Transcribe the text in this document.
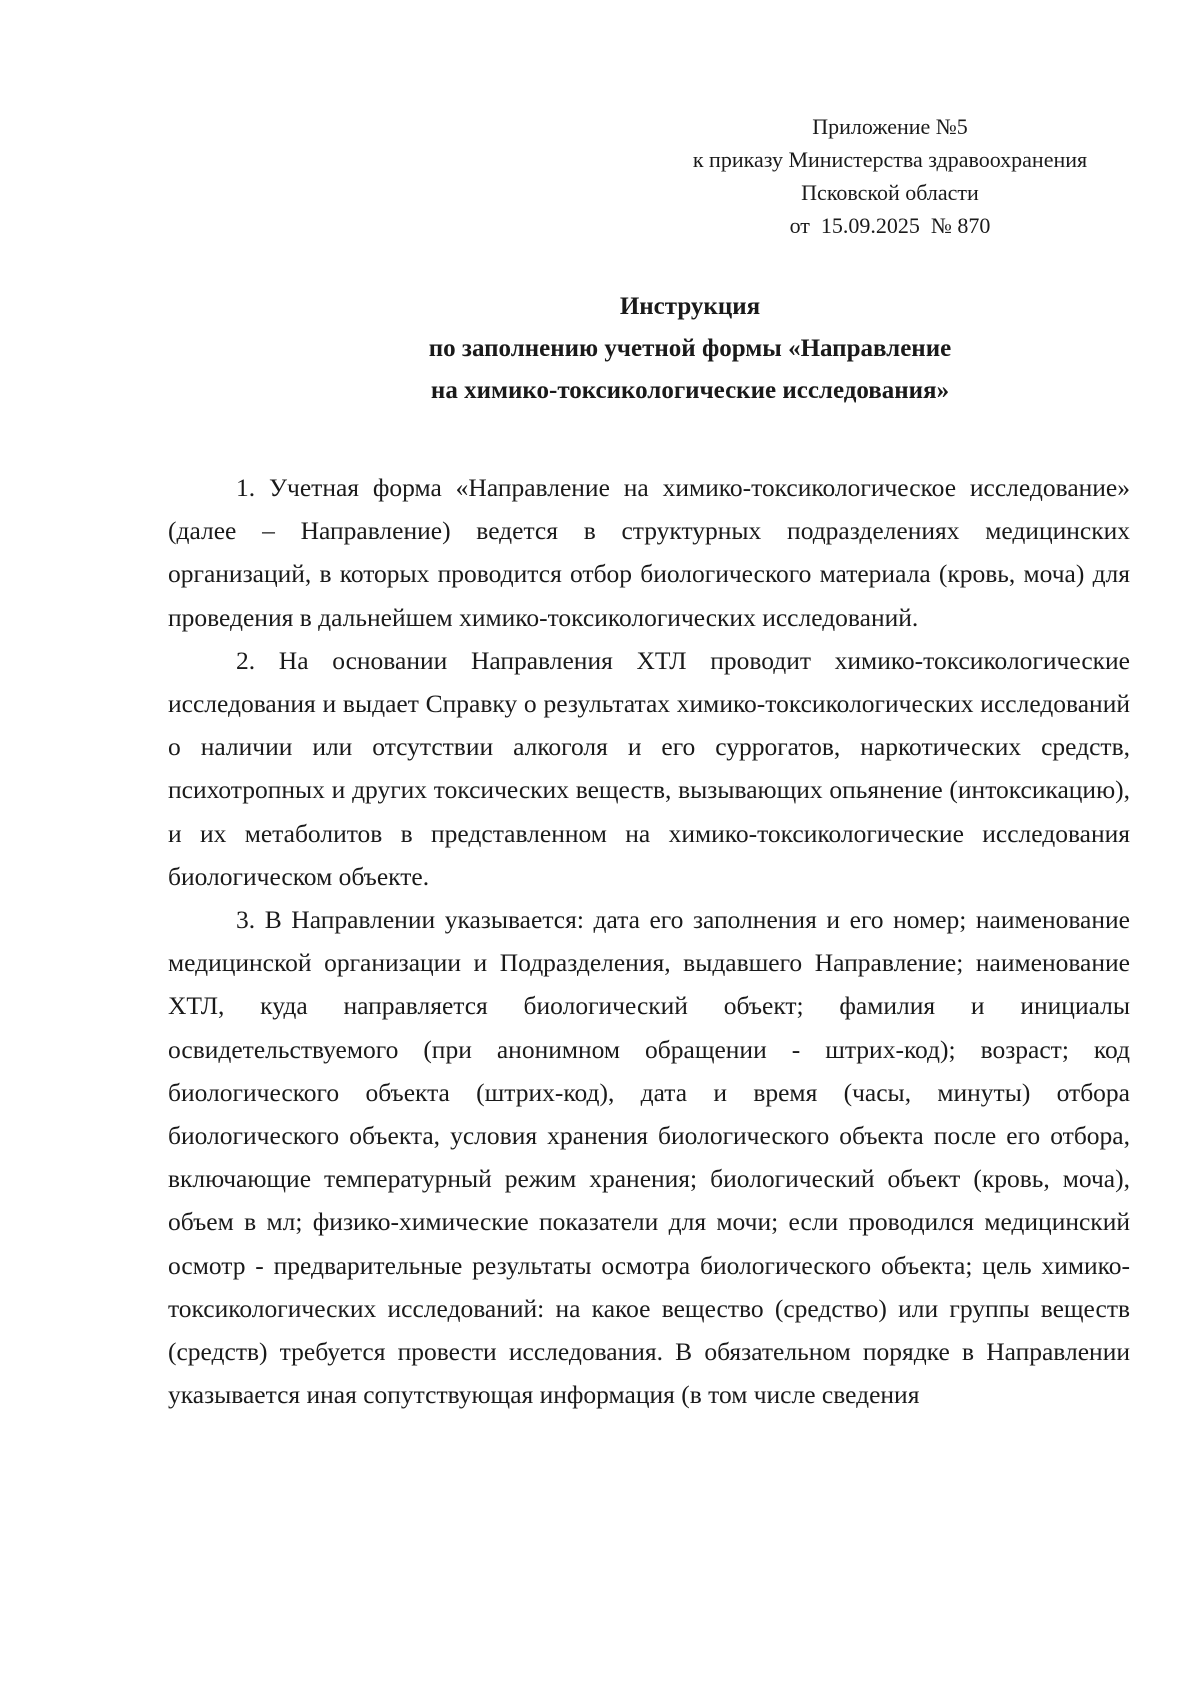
Приложение №5
к приказу Министерства здравоохранения
Псковской области
от  15.09.2025  № 870
Инструкция
по заполнению учетной формы «Направление
на химико-токсикологические исследования»

1. Учетная форма «Направление на химико-токсикологическое исследование» (далее – Направление) ведется в структурных подразделениях медицинских организаций, в которых проводится отбор биологического материала (кровь, моча) для проведения в дальнейшем химико-токсикологических исследований.

2. На основании Направления ХТЛ проводит химико-токсикологические исследования и выдает Справку о результатах химико-токсикологических исследований о наличии или отсутствии алкоголя и его суррогатов, наркотических средств, психотропных и других токсических веществ, вызывающих опьянение (интоксикацию), и их метаболитов в представленном на химико-токсикологические исследования биологическом объекте.

3. В Направлении указывается: дата его заполнения и его номер; наименование медицинской организации и Подразделения, выдавшего Направление; наименование ХТЛ, куда направляется биологический объект; фамилия и инициалы освидетельствуемого (при анонимном обращении - штрих-код); возраст; код биологического объекта (штрих-код), дата и время (часы, минуты) отбора биологического объекта, условия хранения биологического объекта после его отбора, включающие температурный режим хранения; биологический объект (кровь, моча), объем в мл; физико-химические показатели для мочи; если проводился медицинский осмотр - предварительные результаты осмотра биологического объекта; цель химико-токсикологических исследований: на какое вещество (средство) или группы веществ (средств) требуется провести исследования. В обязательном порядке в Направлении указывается иная сопутствующая информация (в том числе сведения
